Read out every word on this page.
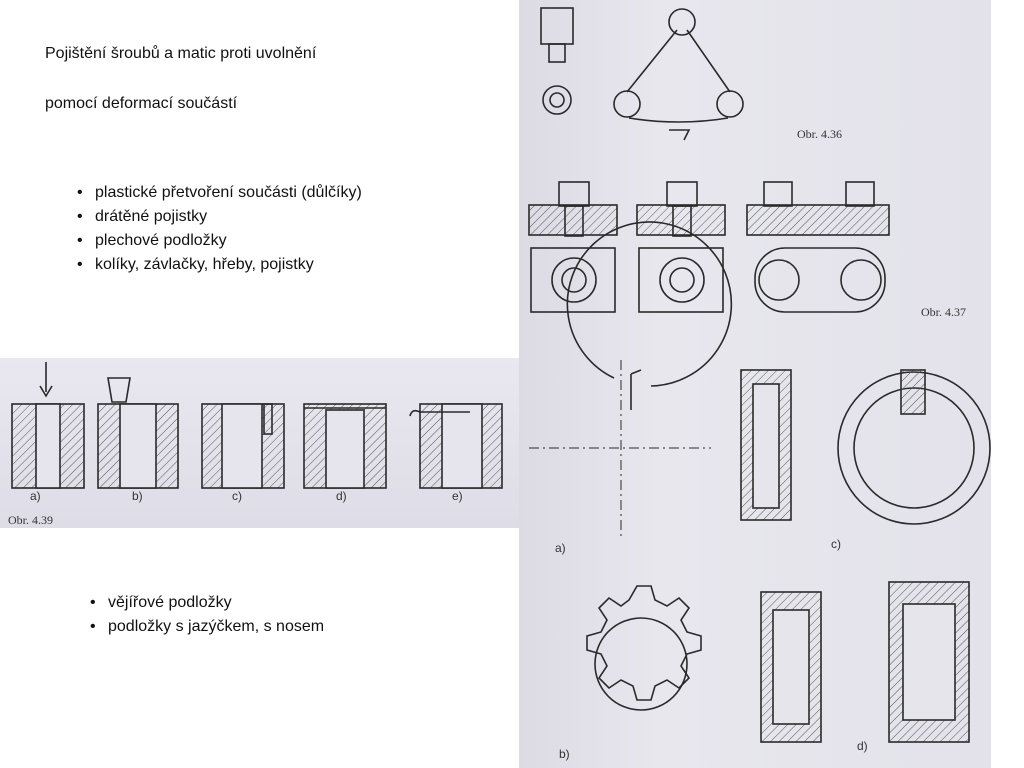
Pojištění šroubů a matic proti uvolnění
pomocí deformací součástí
• plastické přetvoření součásti (důlčíky)
• drátěné pojistky
• plechové podložky
• kolíky, závlačky, hřeby, pojistky
• vějířové podložky
• podložky s jazýčkem, s nosem
Obr. 4.36
Obr. 4.37
a)	c)
b)
d)
a)	b)	c)	d)	e)
Obr. 4.39
